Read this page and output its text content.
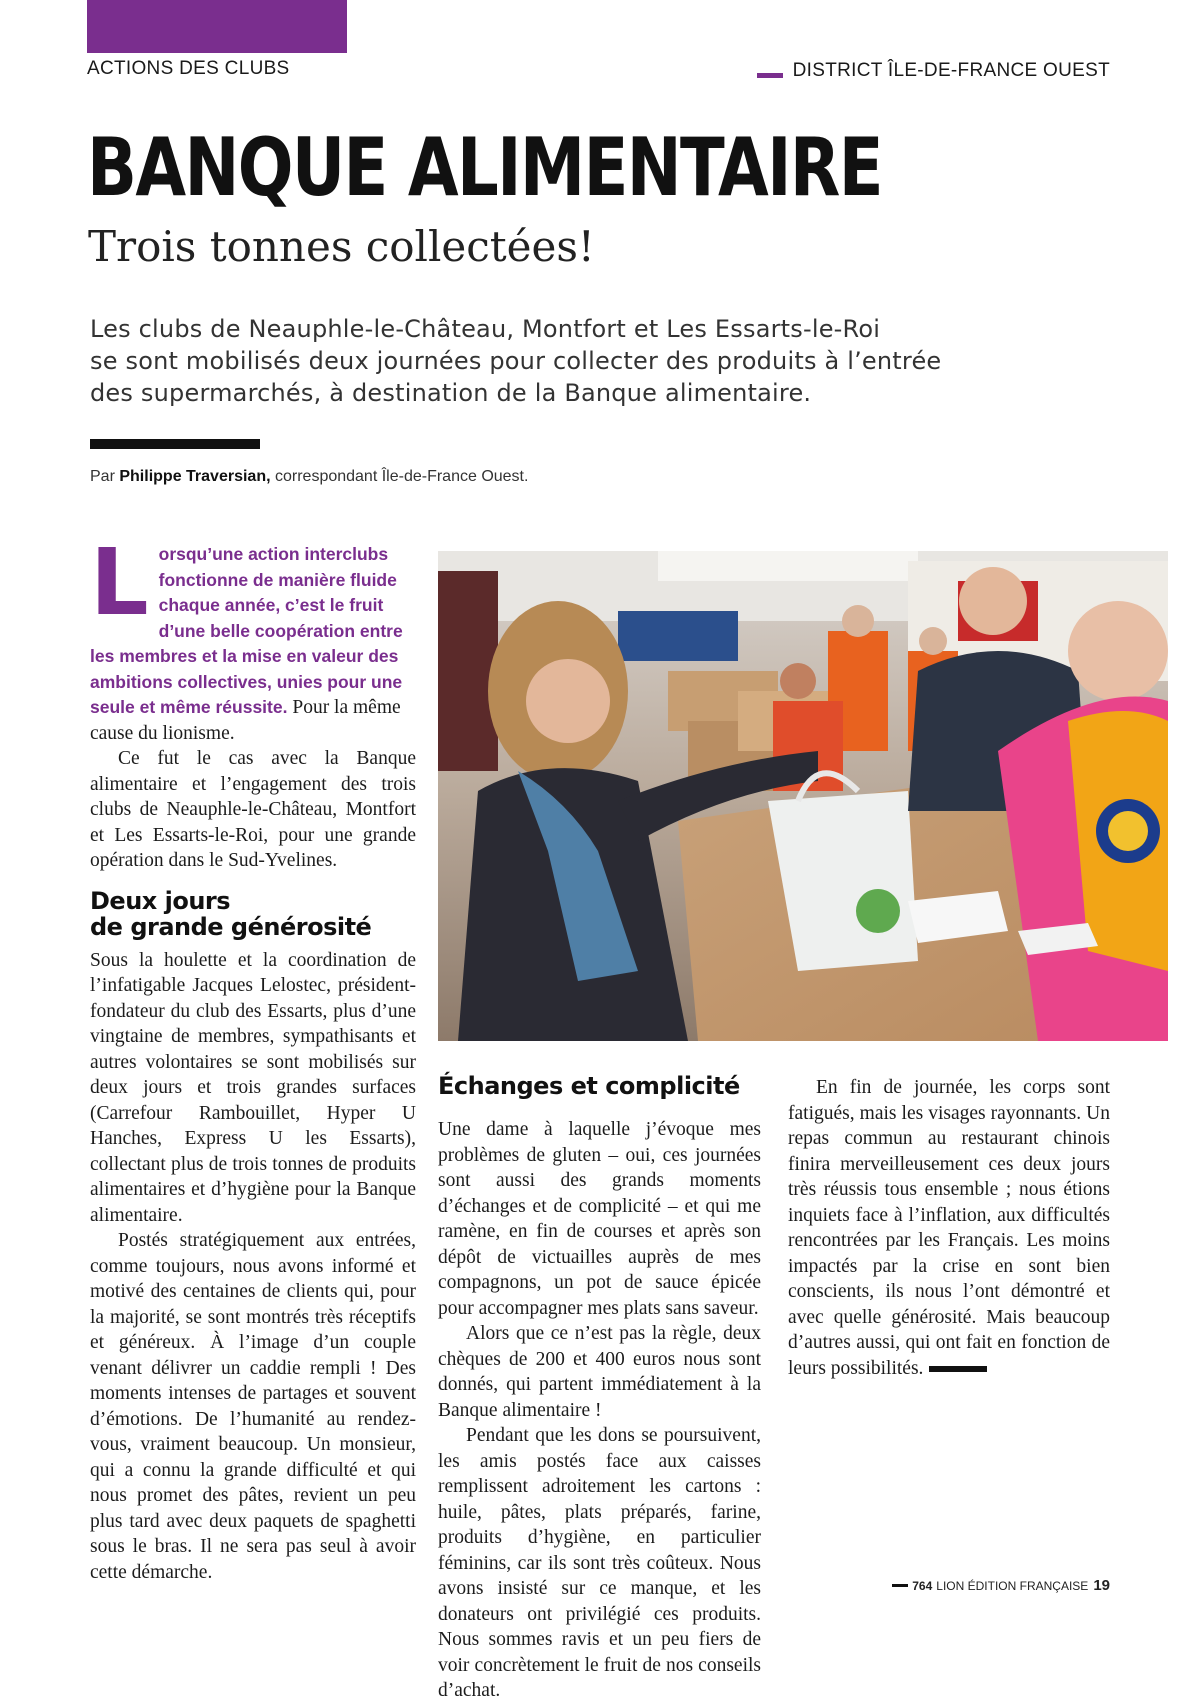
ACTIONS DES CLUBS	DISTRICT ÎLE-DE-FRANCE OUEST
BANQUE ALIMENTAIRE
Trois tonnes collectées!
Les clubs de Neauphle-le-Château, Montfort et Les Essarts-le-Roi
se sont mobilisés deux journées pour collecter des produits à l’entrée
des supermarchés, à destination de la Banque alimentaire.
Par Philippe Traversian, correspondant Île-de-France Ouest.
Lorsqu’une action interclubs fonctionne de manière fluide chaque année, c’est le fruit d’une belle coopération entre les membres et la mise en valeur des ambitions collectives, unies pour une seule et même réussite. Pour la même cause du lionisme.

Ce fut le cas avec la Banque alimentaire et l’engagement des trois clubs de Neauphle-le-Château, Montfort et Les Essarts-le-Roi, pour une grande opération dans le Sud-Yvelines.

Deux jours
de grande générosité

Sous la houlette et la coordination de l’infatigable Jacques Lelostec, président-fondateur du club des Essarts, plus d’une vingtaine de membres, sympathisants et autres volontaires se sont mobilisés sur deux jours et trois grandes surfaces (Carrefour Rambouillet, Hyper U Hanches, Express U les Essarts), collectant plus de trois tonnes de produits alimentaires et d’hygiène pour la Banque alimentaire.

Postés stratégiquement aux entrées, comme toujours, nous avons informé et motivé des centaines de clients qui, pour la majorité, se sont montrés très réceptifs et généreux. À l’image d’un couple venant délivrer un caddie rempli ! Des moments intenses de partages et souvent d’émotions. De l’humanité au rendez-vous, vraiment beaucoup. Un monsieur, qui a connu la grande difficulté et qui nous promet des pâtes, revient un peu plus tard avec deux paquets de spaghetti sous le bras. Il ne sera pas seul à avoir cette démarche.

Échanges et complicité

Une dame à laquelle j’évoque mes problèmes de gluten – oui, ces journées sont aussi des grands moments d’échanges et de complicité – et qui me ramène, en fin de courses et après son dépôt de victuailles auprès de mes compagnons, un pot de sauce épicée pour accompagner mes plats sans saveur.

Alors que ce n’est pas la règle, deux chèques de 200 et 400 euros nous sont donnés, qui partent immédiatement à la Banque alimentaire !

Pendant que les dons se poursuivent, les amis postés face aux caisses remplissent adroitement les cartons : huile, pâtes, plats préparés, farine, produits d’hygiène, en particulier féminins, car ils sont très coûteux. Nous avons insisté sur ce manque, et les donateurs ont privilégié ces produits. Nous sommes ravis et un peu fiers de voir concrètement le fruit de nos conseils d’achat.

En fin de journée, les corps sont fatigués, mais les visages rayonnants. Un repas commun au restaurant chinois finira merveilleusement ces deux jours très réussis tous ensemble ; nous étions inquiets face à l’inflation, aux difficultés rencontrées par les Français. Les moins impactés par la crise en sont bien conscients, ils nous l’ont démontré et avec quelle générosité. Mais beaucoup d’autres aussi, qui ont fait en fonction de leurs possibilités.

764 LION ÉDITION FRANÇAISE 19
